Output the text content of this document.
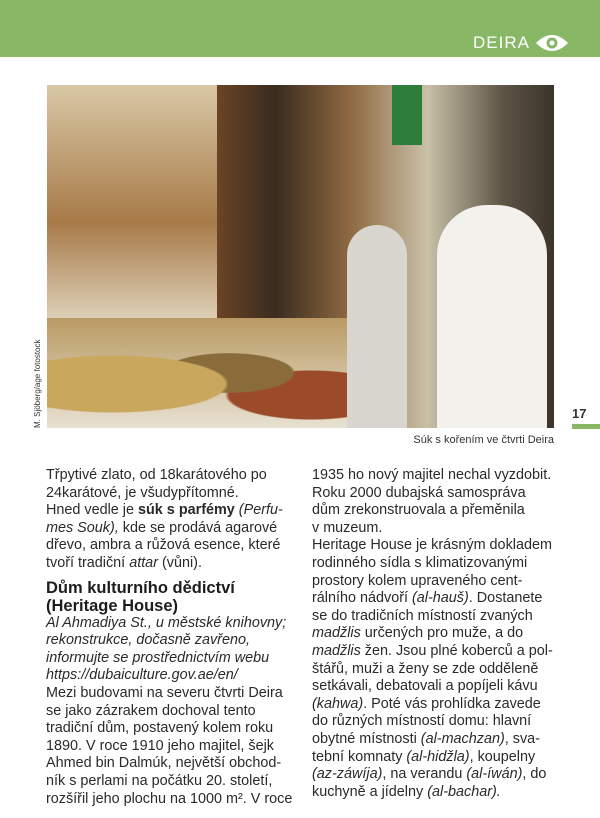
DEIRA
M. Sjöberg/age fotostock
Súk s kořením ve čtvrti Deira
17
Třpytivé zlato, od 18karátového po
24karátové, je všudypřítomné.
Hned vedle je súk s parfémy (Perfu-
mes Souk), kde se prodává agarové
dřevo, ambra a růžová esence, které
tvoří tradiční attar (vůni).
Dům kulturního dědictví
(Heritage House)
Al Ahmadiya St., u městské knihovny;
rekonstrukce, dočasně zavřeno,
informujte se prostřednictvím webu
https://dubaiculture.gov.ae/en/
Mezi budovami na severu čtvrti Deira
se jako zázrakem dochoval tento
tradiční dům, postavený kolem roku
1890. V roce 1910 jeho majitel, šejk
Ahmed bin Dalmúk, největší obchod-
ník s perlami na počátku 20. století,
rozšířil jeho plochu na 1000 m². V roce
1935 ho nový majitel nechal vyzdobit.
Roku 2000 dubajská samospráva
dům zrekonstruovala a přeměnila
v muzeum.
Heritage House je krásným dokladem
rodinného sídla s klimatizovanými
prostory kolem upraveného cent-
rálního nádvoří (al-hauš). Dostanete
se do tradičních místností zvaných
madžlis určených pro muže, a do
madžlis žen. Jsou plné koberců a pol-
štářů, muži a ženy se zde odděleně
setkávali, debatovali a popíjeli kávu
(kahwa). Poté vás prohlídka zavede
do různých místností domu: hlavní
obytné místnosti (al-machzan), sva-
tební komnaty (al-hidžla), koupelny
(az-záwíja), na verandu (al-íwán), do
kuchyně a jídelny (al-bachar).
